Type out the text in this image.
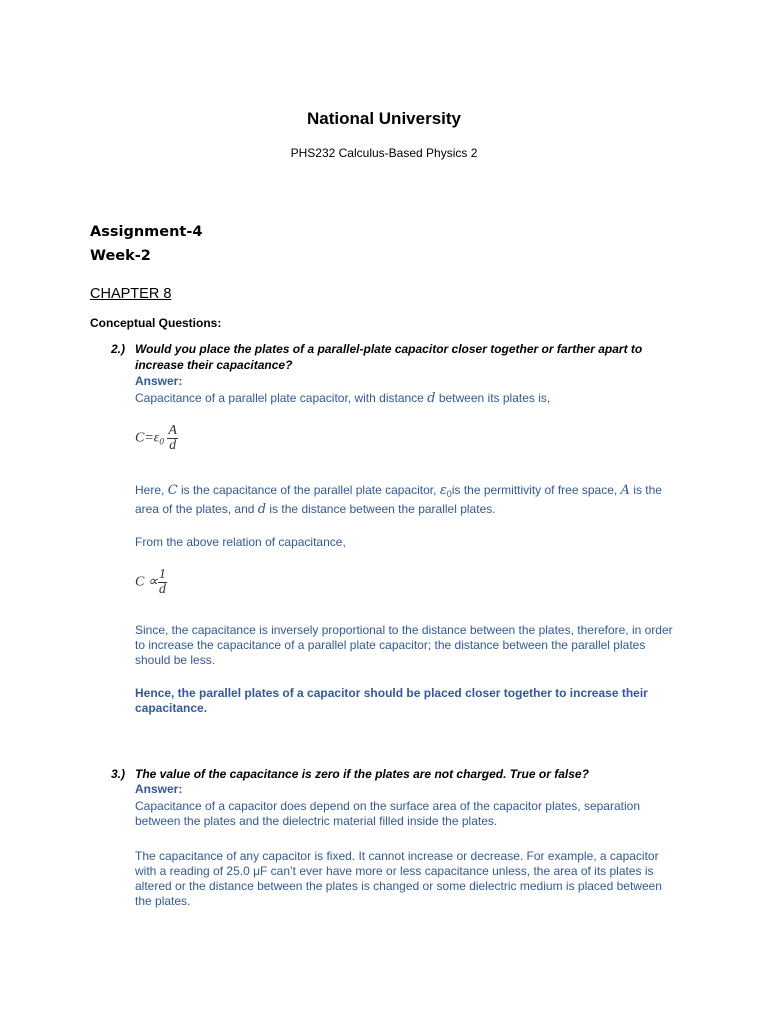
National University
PHS232 Calculus-Based Physics 2
Assignment-4
Week-2
CHAPTER 8
Conceptual Questions:
2.) Would you place the plates of a parallel-plate capacitor closer together or farther apart to increase their capacitance?
Answer:
Capacitance of a parallel plate capacitor, with distance d between its plates is,
$C=\varepsilon_0 \frac{A}{d}$
Here, C is the capacitance of the parallel plate capacitor, $\varepsilon_0is$ the permittivity of free space, A is the area of the plates, and d is the distance between the parallel plates.
From the above relation of capacitance,
$C \propto \frac{1}{d}$
Since, the capacitance is inversely proportional to the distance between the plates, therefore, in order to increase the capacitance of a parallel plate capacitor; the distance between the parallel plates should be less.
Hence, the parallel plates of a capacitor should be placed closer together to increase their capacitance.
3.) The value of the capacitance is zero if the plates are not charged. True or false?
Answer:
Capacitance of a capacitor does depend on the surface area of the capacitor plates, separation between the plates and the dielectric material filled inside the plates.
The capacitance of any capacitor is fixed. It cannot increase or decrease. For example, a capacitor with a reading of 25.0 μF can’t ever have more or less capacitance unless, the area of its plates is altered or the distance between the plates is changed or some dielectric medium is placed between the plates.
